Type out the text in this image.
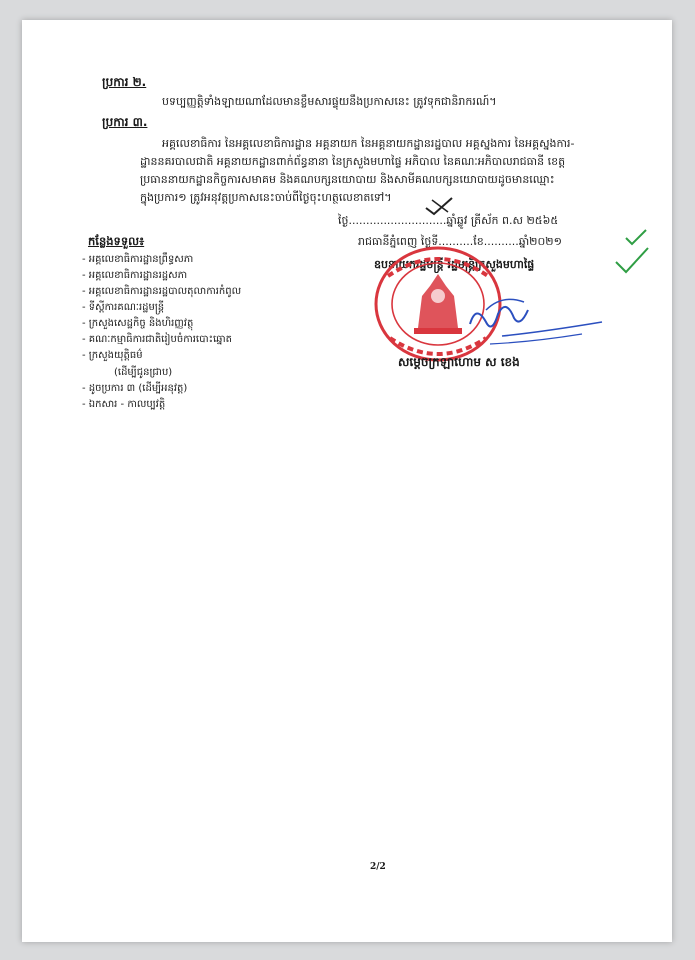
ប្រការ ២.
បទប្បញ្ញត្តិទាំងឡាយណាដែលមានខ្លឹមសារផ្ទុយនឹងប្រកាសនេះ ត្រូវទុកជានិរាករណ៍។
ប្រការ ៣.
អគ្គលេខាធិការ នៃអគ្គលេខាធិការដ្ឋាន អគ្គនាយក នៃអគ្គនាយកដ្ឋានរដ្ឋបាល អគ្គស្នងការ នៃអគ្គស្នងការ-
ដ្ឋាននគរបាលជាតិ អគ្គនាយកដ្ឋានពាក់ព័ន្ធនានា នៃក្រសួងមហាផ្ទៃ អភិបាល នៃគណៈអភិបាលរាជធានី ខេត្ត
ប្រធាននាយកដ្ឋានកិច្ចការសមាគម និងគណបក្សនយោបាយ និងសាមីគណបក្សនយោបាយដូចមានឈ្មោះ
ក្នុងប្រការ១ ត្រូវអនុវត្តប្រកាសនេះចាប់ពីថ្ងៃចុះហត្ថលេខាតទៅ។
ថ្ងៃ............................ឆ្នាំឆ្លូវ ត្រីស័ក ព.ស ២៥៦៥
រាជធានីភ្នំពេញ ថ្ងៃទី..........ខែ..........ឆ្នាំ២០២១
ឧបនាយករដ្ឋមន្ត្រី រដ្ឋមន្ត្រីក្រសួងមហាផ្ទៃ
សម្តេចក្រឡាហោម ស ខេង
កន្លែងទទួល៖
- អគ្គលេខាធិការដ្ឋានព្រឹទ្ធសភា
- អគ្គលេខាធិការដ្ឋានរដ្ឋសភា
- អគ្គលេខាធិការដ្ឋានរដ្ឋបាលតុលាការកំពូល
- ទីស្តីការគណៈរដ្ឋមន្ត្រី
- ក្រសួងសេដ្ឋកិច្ច និងហិរញ្ញវត្ថុ
- គណៈកម្មាធិការជាតិរៀបចំការបោះឆ្នោត
- ក្រសួងយុត្តិធម៌
(ដើម្បីជូនជ្រាប)
- ដូចប្រការ ៣ (ដើម្បីអនុវត្ត)
- ឯកសារ - កាលប្បវត្តិ
2/2
